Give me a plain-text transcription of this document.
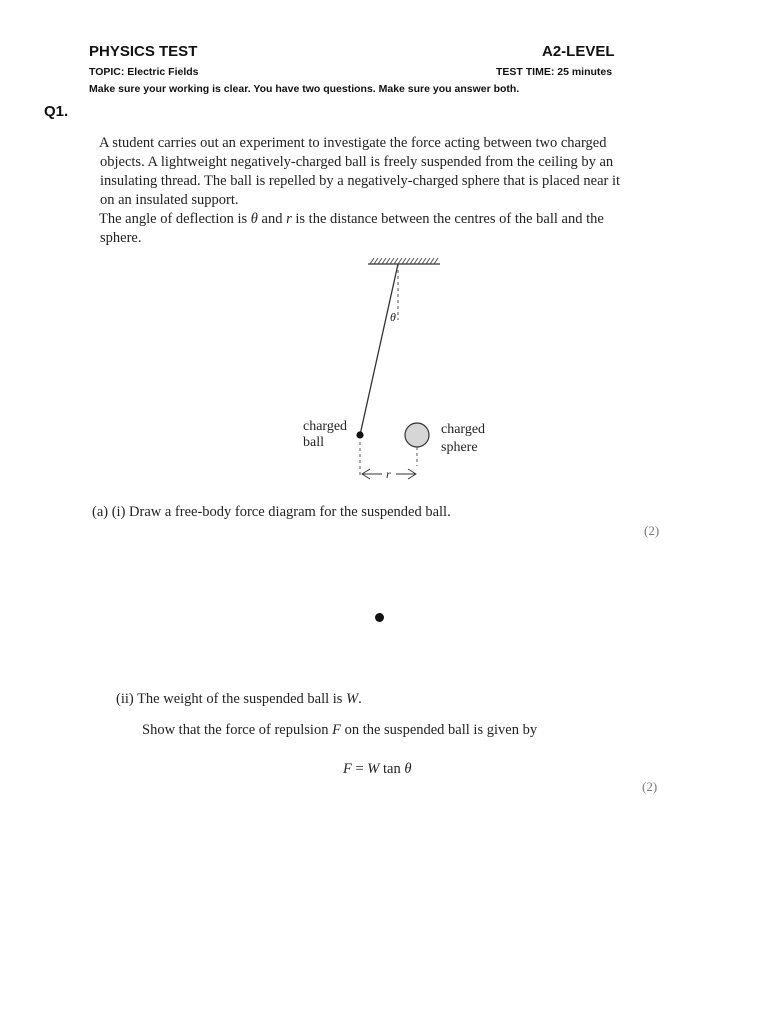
PHYSICS TEST	A2-LEVEL
TOPIC: Electric Fields	TEST TIME: 25 minutes
Make sure your working is clear. You have two questions. Make sure you answer both.
Q1.

A student carries out an experiment to investigate the force acting between two charged

objects. A lightweight negatively-charged ball is freely suspended from the ceiling by an

insulating thread. The ball is repelled by a negatively-charged sphere that is placed near it

on an insulated support.

The angle of deflection is θ and r is the distance between the centres of the ball and the

sphere.

θ
r
charged
ball
charged
sphere
(a) (i) Draw a free-body force diagram for the suspended ball.
(2)
(ii) The weight of the suspended ball is W.
Show that the force of repulsion F on the suspended ball is given by
F = W tan θ
(2)
